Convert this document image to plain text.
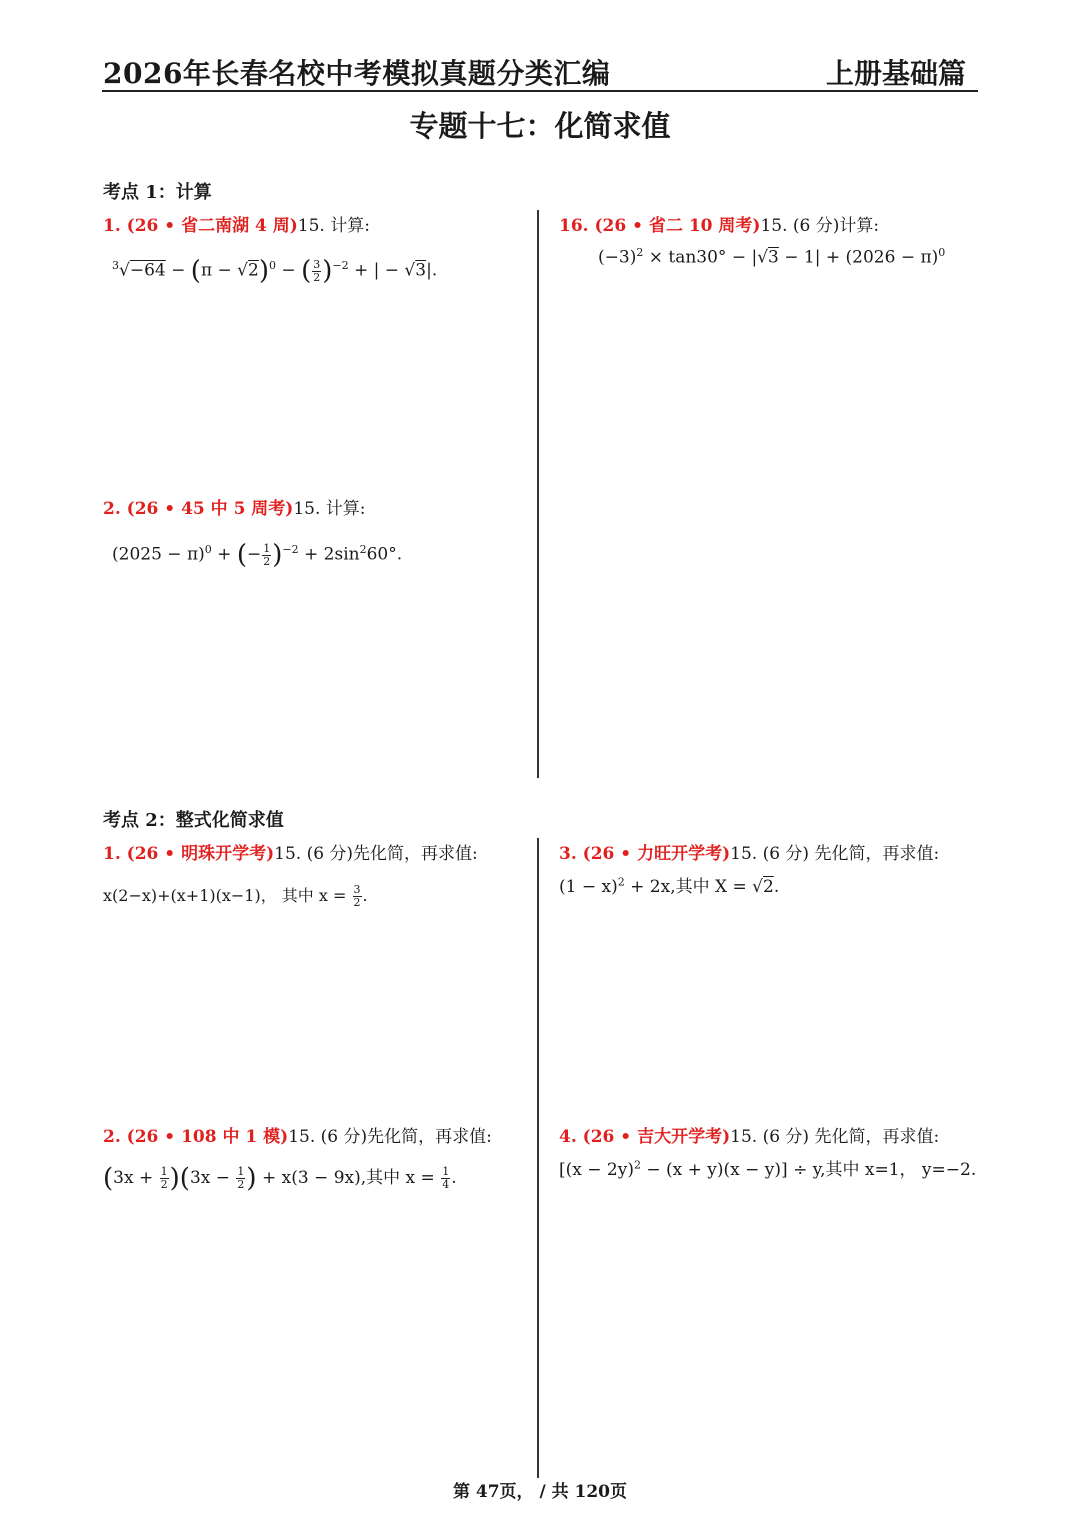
2026年长春名校中考模拟真题分类汇编	上册基础篇
专题十七：化简求值
考点 1：计算
1. (26 • 省二南湖 4 周)15. 计算:
$^3√-64 - (\pi - √2)^0$ − ( $\frac{3}{2} )^{-2}$ + | − √3|.
2. (26 • 45 中 5 周考)15. 计算:
$(2025 - \pi)^0$ + (− $\frac{1}{2} )^{-2} + 2\sin^260^\circ$.
16. (26 • 省二 10 周考)15. (6 分)计算:
$(-3)^2 \times \tan 30^\circ - |√3 - 1| + (2026 - \pi)^0$
考点 2：整式化简求值
1. (26 • 明珠开学考)15. (6 分)先化简，再求值:
x(2−x)+(x+1)(x−1)， 其中 $x = \frac{3}{2}$ .
3. (26 • 力旺开学考)15. (6 分) 先化简，再求值:
$(1 - x)^2 + 2x$,其中 X = √2.
2. (26 • 108 中 1 模)15. (6 分)先化简，再求值:
$(3x + \frac{1}{2} )(3x - \frac{1}{2}$ ) + x(3 − 9x),其中 $x = \frac{1}{4}$ .
4. (26 • 吉大开学考)15. (6 分) 先化简，再求值:
$[(x - 2y)^2 - (x + y)(x - y)] \div y$,其中 x=1， y=−2.
第 47页， / 共 120页
